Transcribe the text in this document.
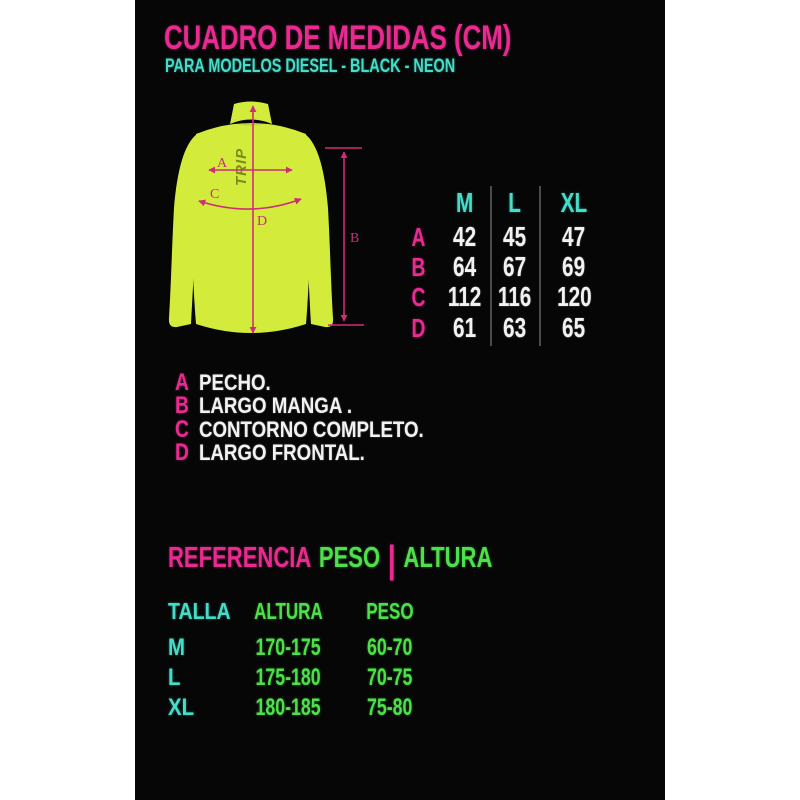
CUADRO DE MEDIDAS (CM)
PARA MODELOS DIESEL - BLACK - NEON
TRIP
A
C
D
B
M L XL
A 42 45 47
B 64 67 69
C 112 116 120
D 61 63 65
A PECHO.
B LARGO MANGA .
C CONTORNO COMPLETO.
D LARGO FRONTAL.
REFERENCIA PESO | ALTURA
TALLA	ALTURA	PESO
M	170-175	60-70
L	175-180	70-75
XL	180-185	75-80
